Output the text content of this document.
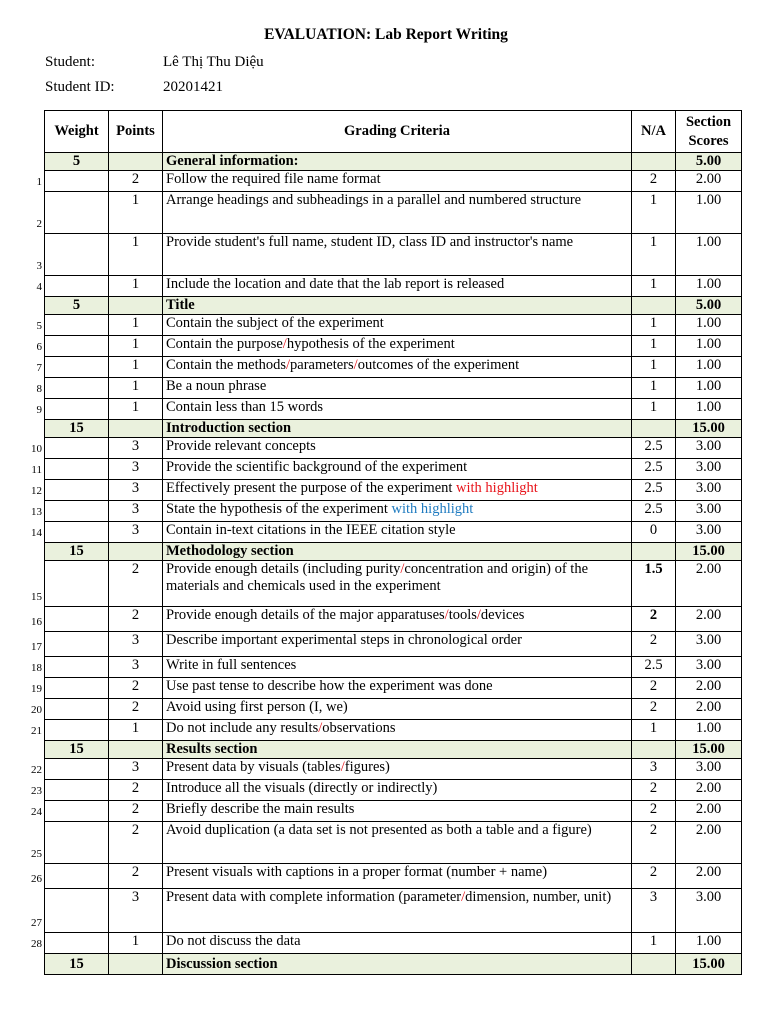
EVALUATION: Lab Report Writing
Student:	Lê Thị Thu Diệu
Student ID:	20201421
Weight	Points	Grading Criteria	N/A	Section Scores
5		General information:		5.00
	2	Follow the required file name format	2	2.00
	1	Arrange headings and subheadings in a parallel and numbered structure	1	1.00
	1	Provide student's full name, student ID, class ID and instructor's name	1	1.00
	1	Include the location and date that the lab report is released	1	1.00
5		Title		5.00
	1	Contain the subject of the experiment	1	1.00
	1	Contain the purpose/hypothesis of the experiment	1	1.00
	1	Contain the methods/parameters/outcomes of the experiment	1	1.00
	1	Be a noun phrase	1	1.00
	1	Contain less than 15 words	1	1.00
15		Introduction section		15.00
	3	Provide relevant concepts	2.5	3.00
	3	Provide the scientific background of the experiment	2.5	3.00
	3	Effectively present the purpose of the experiment with highlight	2.5	3.00
	3	State the hypothesis of the experiment with highlight	2.5	3.00
	3	Contain in-text citations in the IEEE citation style	0	3.00
15		Methodology section		15.00
	2	Provide enough details (including purity/concentration and origin) of the materials and chemicals used in the experiment	1.5	2.00
	2	Provide enough details of the major apparatuses/tools/devices	2	2.00
	3	Describe important experimental steps in chronological order	2	3.00
	3	Write in full sentences	2.5	3.00
	2	Use past tense to describe how the experiment was done	2	2.00
	2	Avoid using first person (I, we)	2	2.00
	1	Do not include any results/observations	1	1.00
15		Results section		15.00
	3	Present data by visuals (tables/figures)	3	3.00
	2	Introduce all the visuals (directly or indirectly)	2	2.00
	2	Briefly describe the main results	2	2.00
	2	Avoid duplication (a data set is not presented as both a table and a figure)	2	2.00
	2	Present visuals with captions in a proper format (number + name)	2	2.00
	3	Present data with complete information (parameter/dimension, number, unit)	3	3.00
	1	Do not discuss the data	1	1.00
15		Discussion section		15.00
1
2
3
4
5
6
7
8
9
10
11
12
13
14
15
16
17
18
19
20
21
22
23
24
25
26
27
28
